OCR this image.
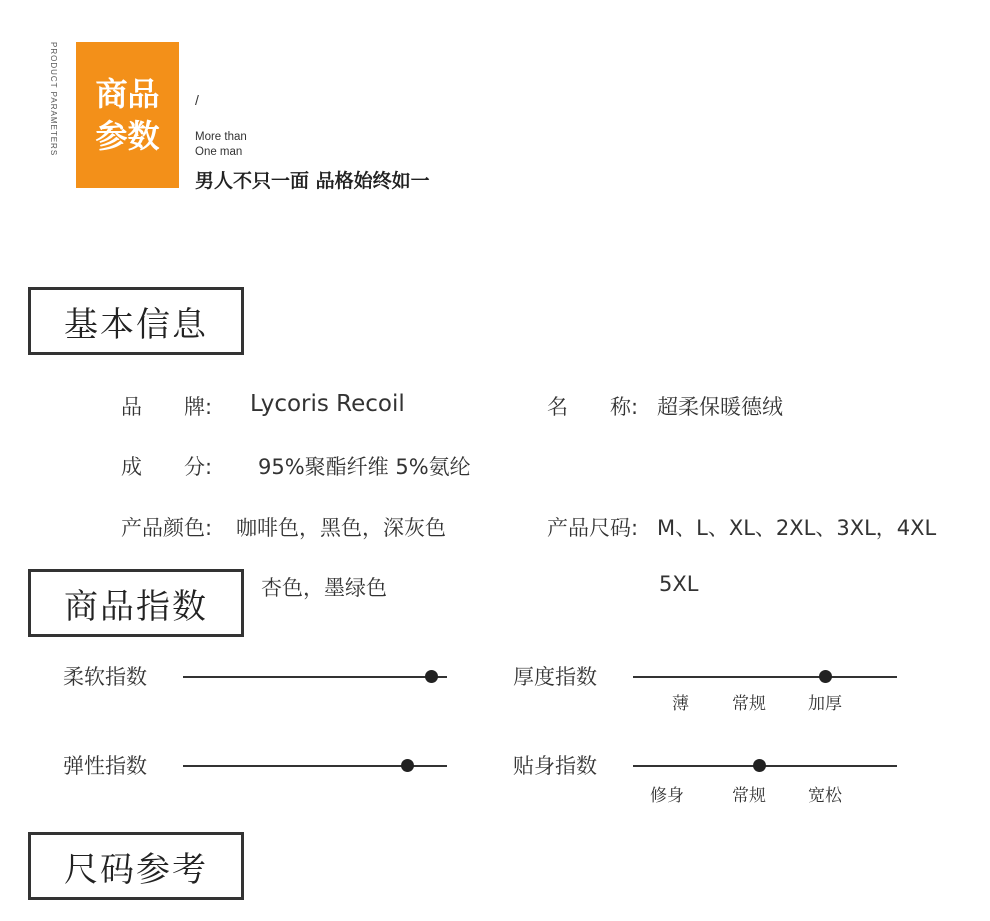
PRODUCT PARAMETERS 商品
参数
/
More than
One man
男人不只一面 品格始终如一
基本信息
品　　牌: Lycoris Recoil	名　　称: 超柔保暖德绒
成　　分: 95%聚酯纤维 5%氨纶
产品颜色: 咖啡色，黑色，深灰色
杏色，墨绿色
产品尺码: M、L、XL、2XL、3XL，4XL
5XL
商品指数
柔软指数
弹性指数
厚度指数
薄	常规 加厚
贴身指数
修身	常规 宽松
尺码参考
